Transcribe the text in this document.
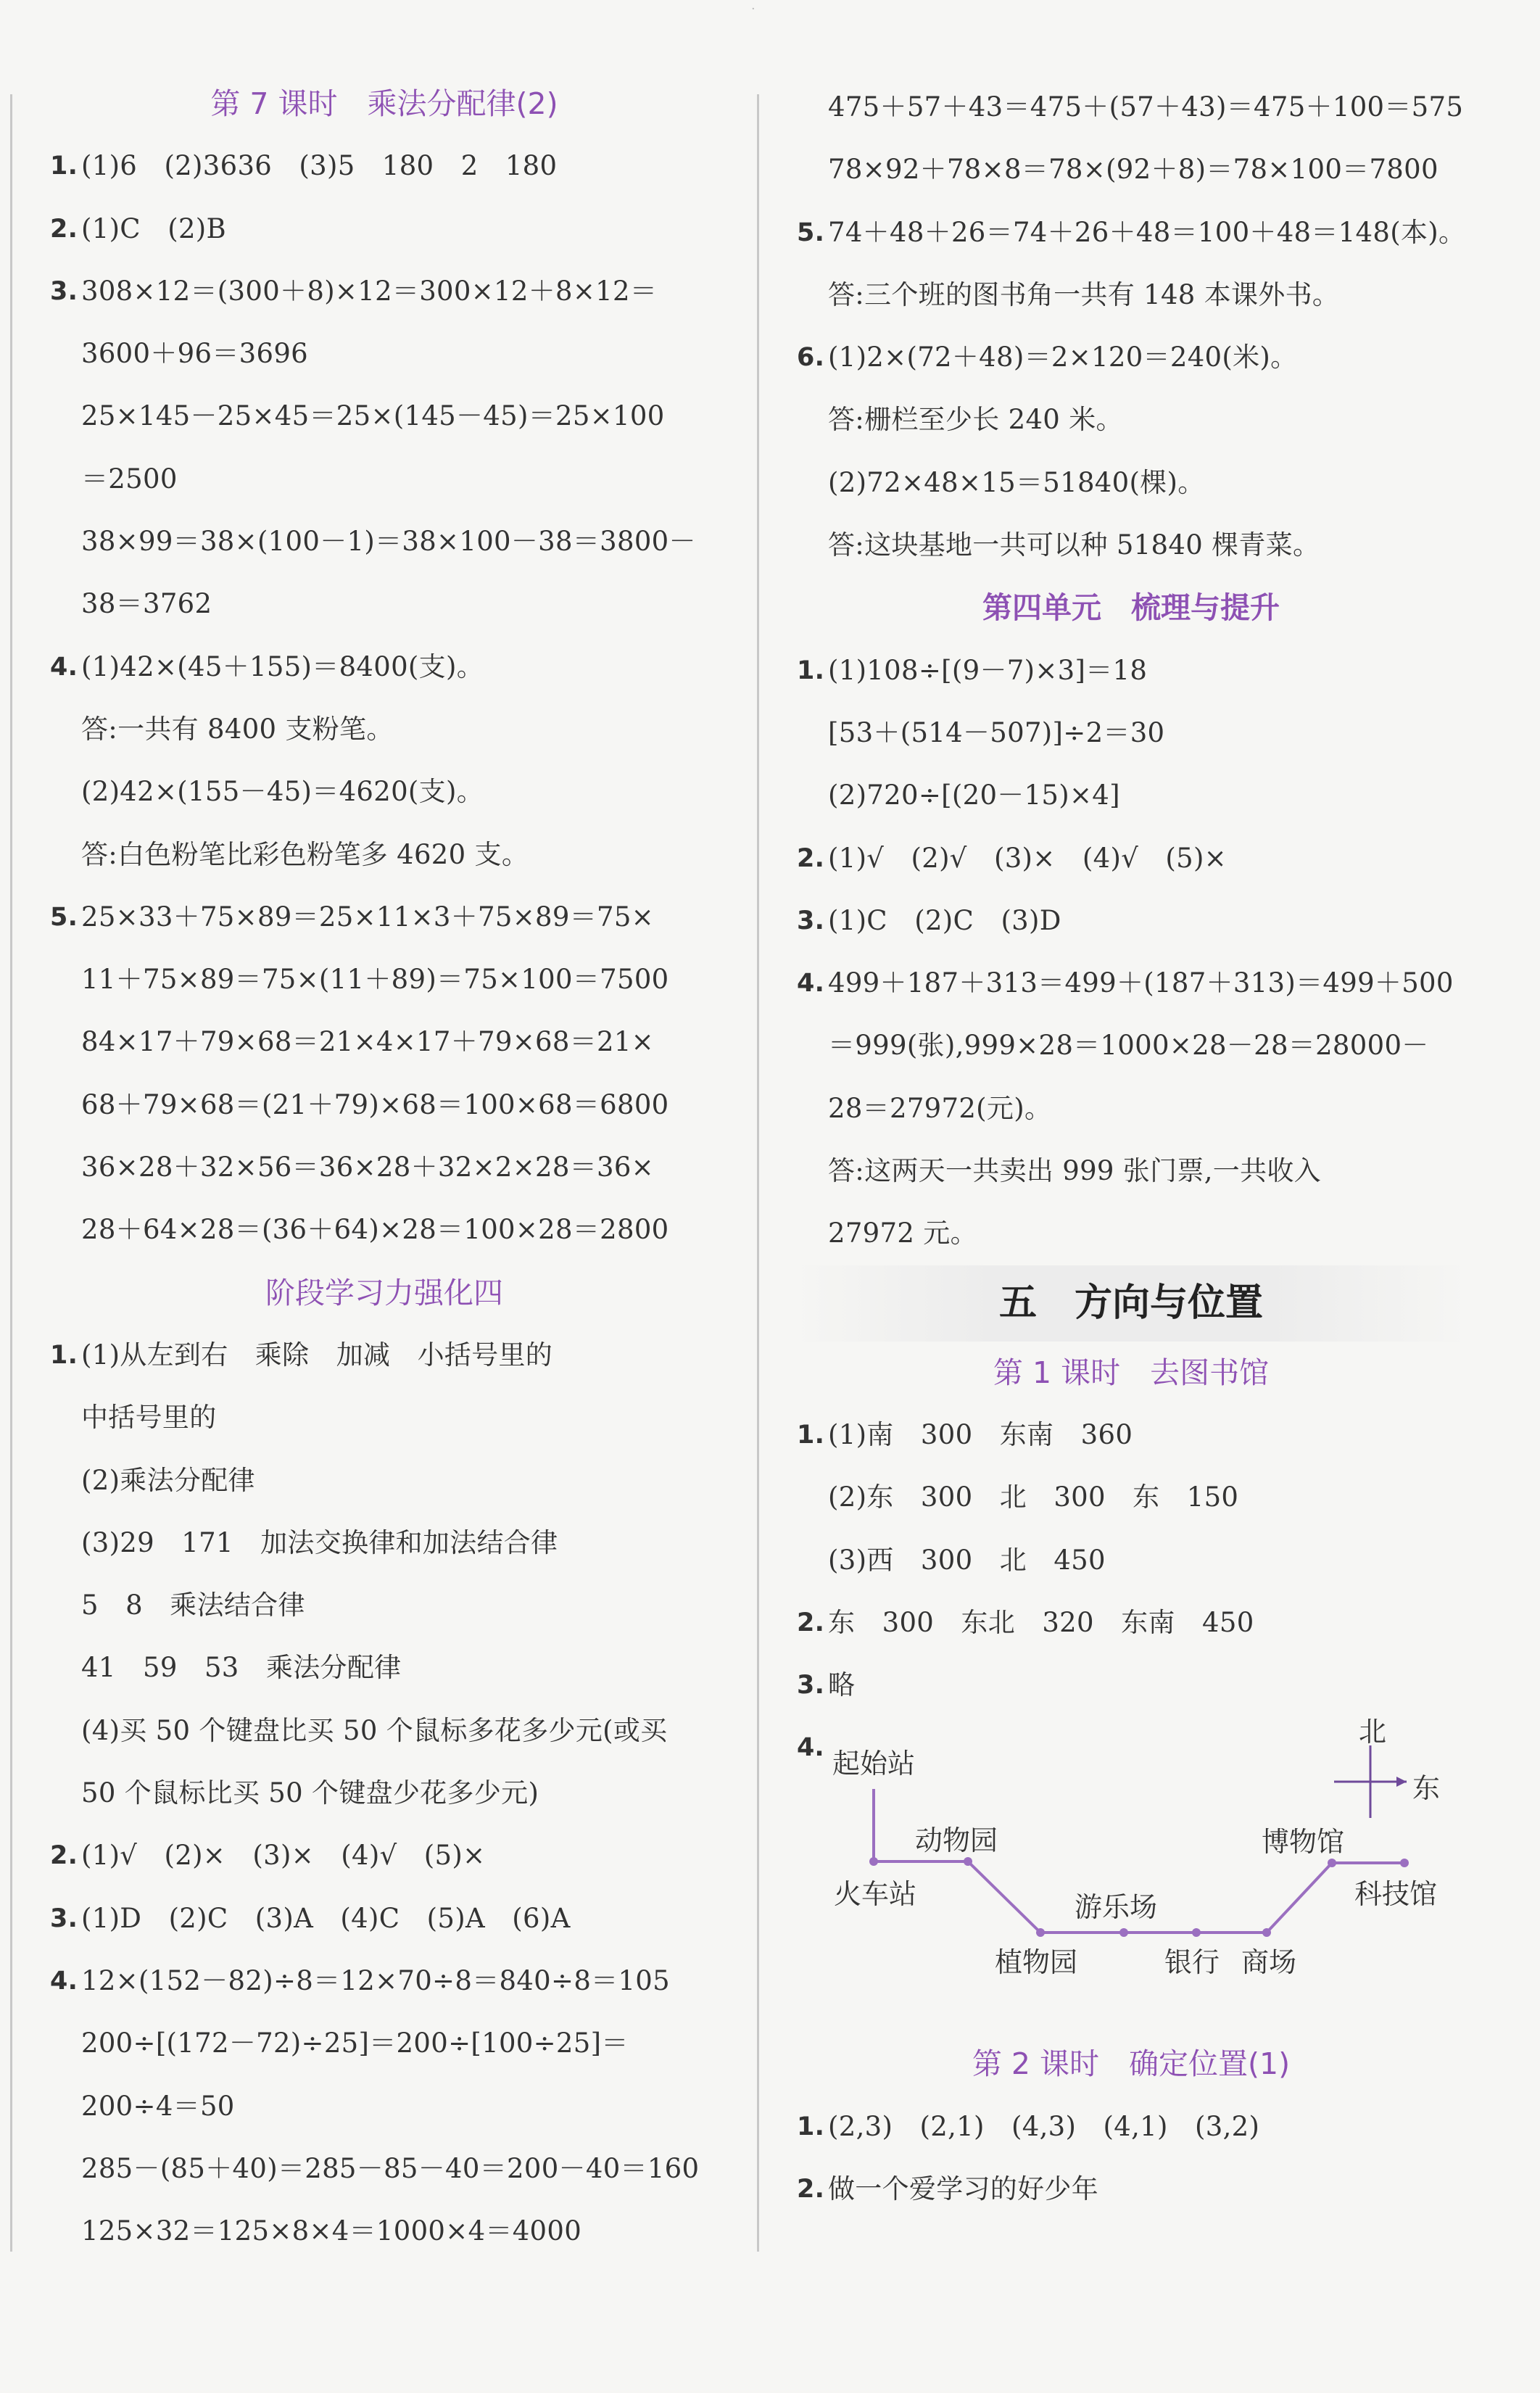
·
第 7 课时　乘法分配律(2)
1. (1)6　(2)3636　(3)5　180　2　180
2. (1)C　(2)B
3. 308×12＝(300＋8)×12＝300×12＋8×12＝
3600＋96＝3696
25×145－25×45＝25×(145－45)＝25×100
＝2500
38×99＝38×(100－1)＝38×100－38＝3800－
38＝3762
4. (1)42×(45＋155)＝8400(支)。
答:一共有 8400 支粉笔。
(2)42×(155－45)＝4620(支)。
答:白色粉笔比彩色粉笔多 4620 支。
5. 25×33＋75×89＝25×11×3＋75×89＝75×
11＋75×89＝75×(11＋89)＝75×100＝7500
84×17＋79×68＝21×4×17＋79×68＝21×
68＋79×68＝(21＋79)×68＝100×68＝6800
36×28＋32×56＝36×28＋32×2×28＝36×
28＋64×28＝(36＋64)×28＝100×28＝2800
阶段学习力强化四
1. (1)从左到右　乘除　加减　小括号里的
中括号里的
(2)乘法分配律
(3)29　171　加法交换律和加法结合律
5　8　乘法结合律
41　59　53　乘法分配律
(4)买 50 个键盘比买 50 个鼠标多花多少元(或买
50 个鼠标比买 50 个键盘少花多少元)
2. (1)√　(2)×　(3)×　(4)√　(5)×
3. (1)D　(2)C　(3)A　(4)C　(5)A　(6)A
4. 12×(152－82)÷8＝12×70÷8＝840÷8＝105
200÷[(172－72)÷25]＝200÷[100÷25]＝
200÷4＝50
285－(85＋40)＝285－85－40＝200－40＝160
125×32＝125×8×4＝1000×4＝4000
475＋57＋43＝475＋(57＋43)＝475＋100＝575
78×92＋78×8＝78×(92＋8)＝78×100＝7800
5. 74＋48＋26＝74＋26＋48＝100＋48＝148(本)。
答:三个班的图书角一共有 148 本课外书。
6. (1)2×(72＋48)＝2×120＝240(米)。
答:栅栏至少长 240 米。
(2)72×48×15＝51840(棵)。
答:这块基地一共可以种 51840 棵青菜。
第四单元　梳理与提升
1. (1)108÷[(9－7)×3]＝18
[53＋(514－507)]÷2＝30
(2)720÷[(20－15)×4]
2. (1)√　(2)√　(3)×　(4)√　(5)×
3. (1)C　(2)C　(3)D
4. 499＋187＋313＝499＋(187＋313)＝499＋500
＝999(张),999×28＝1000×28－28＝28000－
28＝27972(元)。
答:这两天一共卖出 999 张门票,一共收入
27972 元。
五　方向与位置
第 1 课时　去图书馆
1. (1)南　300　东南　360
(2)东　300　北　300　东　150
(3)西　300　北　450
2. 东　300　东北　320　东南　450
3. 略
4.	北
东
起始站
动物园
火车站
博物馆
游乐场	科技馆
植物园	银行 商场
第 2 课时　确定位置(1)
1. (2,3)　(2,1)　(4,3)　(4,1)　(3,2)
2. 做一个爱学习的好少年
